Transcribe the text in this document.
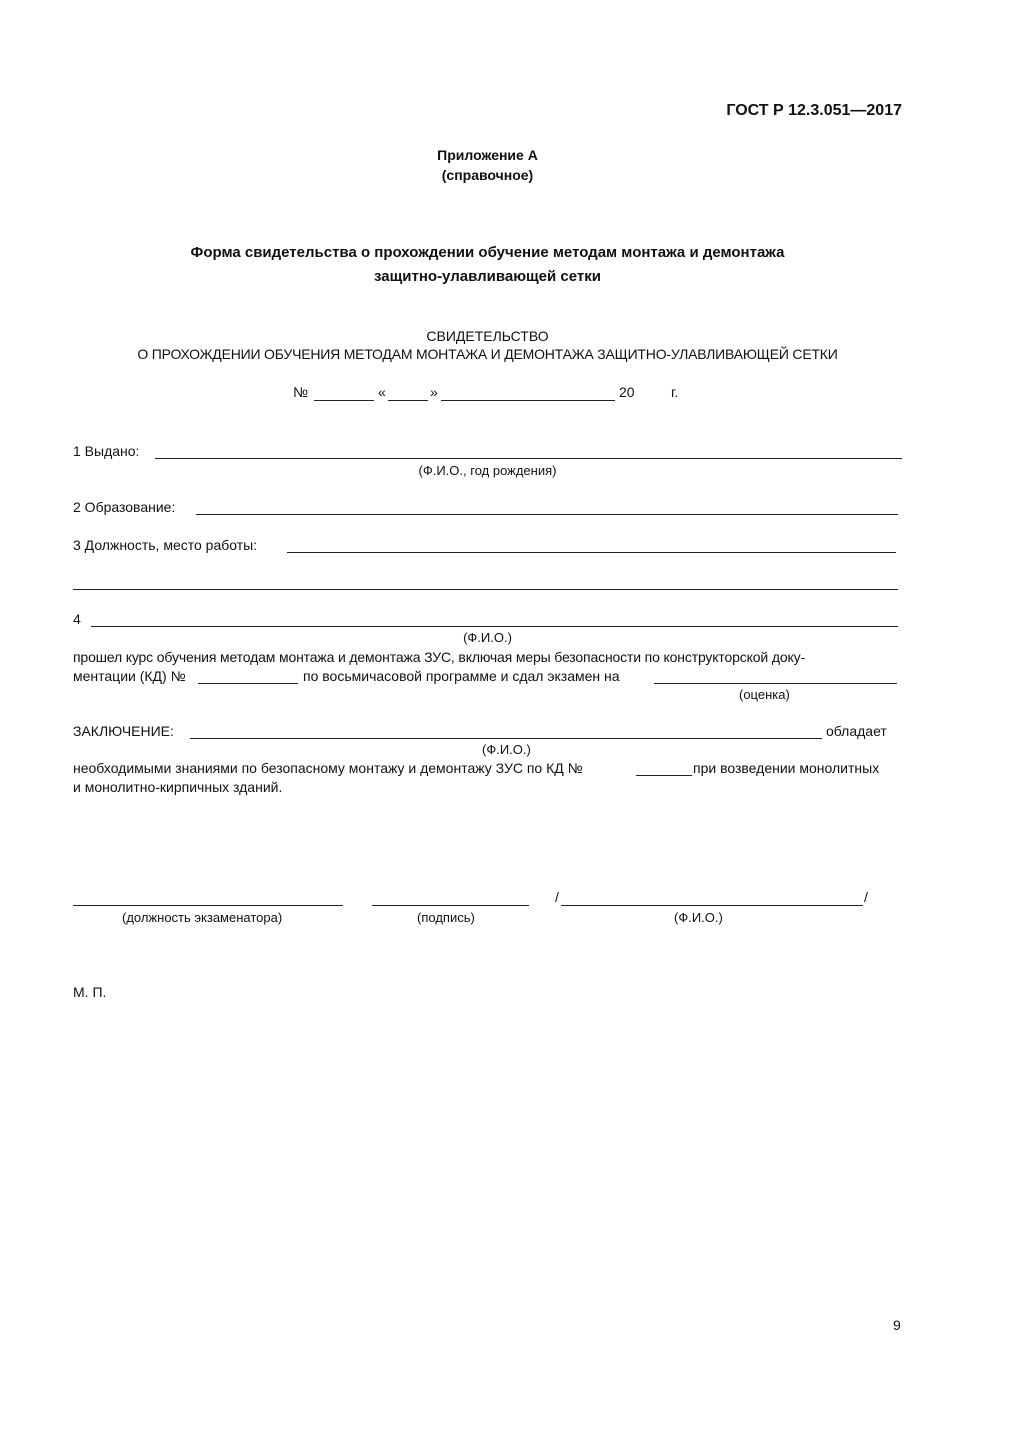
ГОСТ Р 12.3.051—2017
Приложение А
(справочное)
Форма свидетельства о прохождении обучение методам монтажа и демонтажа
защитно-улавливающей сетки
СВИДЕТЕЛЬСТВО
О ПРОХОЖДЕНИИ ОБУЧЕНИЯ МЕТОДАМ МОНТАЖА И ДЕМОНТАЖА ЗАЩИТНО-УЛАВЛИВАЮЩЕЙ СЕТКИ
№	«	»	20	г.
1 Выдано:
(Ф.И.О., год рождения)
2 Образование:
3 Должность, место работы:
4
(Ф.И.О.)
прошел курс обучения методам монтажа и демонтажа ЗУС, включая меры безопасности по конструкторской доку-
ментации (КД) №	по восьмичасовой программе и сдал экзамен на
(оценка)
ЗАКЛЮЧЕНИЕ:	обладает
(Ф.И.О.)
необходимыми знаниями по безопасному монтажу и демонтажу ЗУС по КД №	при возведении монолитных
и монолитно-кирпичных зданий.
/	/
(должность экзаменатора)	(подпись)	(Ф.И.О.)
М. П.
9
